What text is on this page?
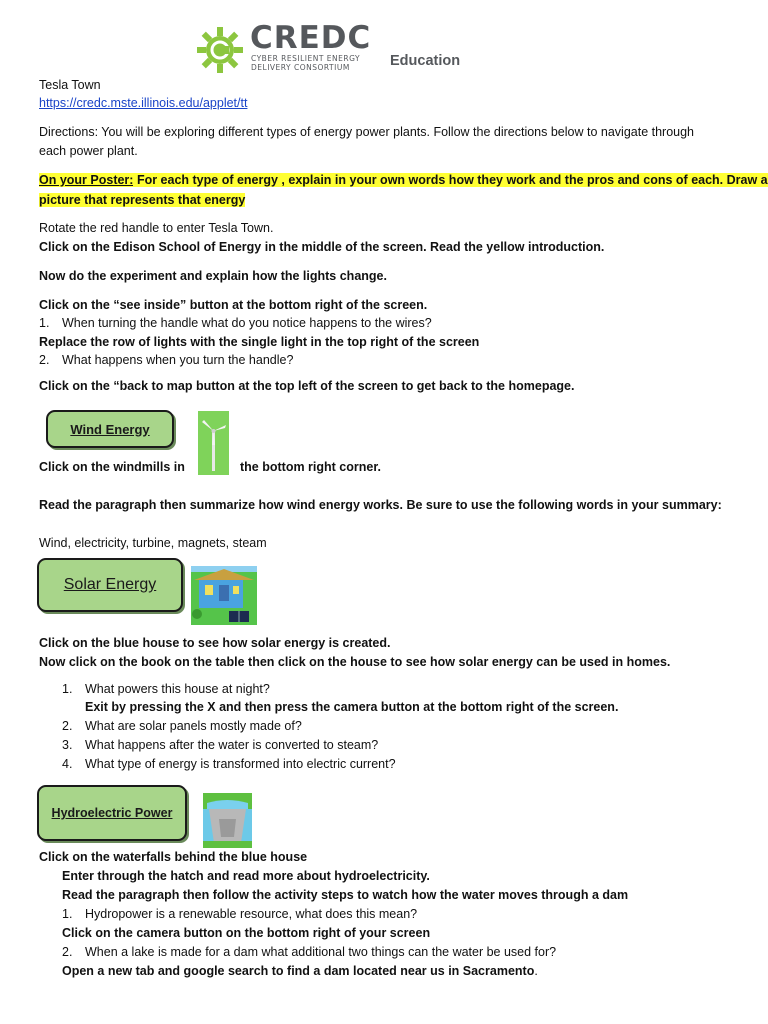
CREDC
CYBER RESILIENT ENERGY
DELIVERY CONSORTIUM	Education
Tesla Town
https://credc.mste.illinois.edu/applet/tt
Directions: You will be exploring different types of energy power plants. Follow the directions below to navigate through
each power plant.
On your Poster: For each type of energy , explain in your own words how they work and the pros and cons of each. Draw a
picture that represents that energy
Rotate the red handle to enter Tesla Town.
Click on the Edison School of Energy in the middle of the screen. Read the yellow introduction.
Now do the experiment and explain how the lights change.
Click on the “see inside” button at the bottom right of the screen.
1. When turning the handle what do you notice happens to the wires?
Replace the row of lights with the single light in the top right of the screen
2. What happens when you turn the handle?
Click on the “back to map button at the top left of the screen to get back to the homepage.
Wind Energy
Click on the windmills in	the bottom right corner.
Read the paragraph then summarize how wind energy works. Be sure to use the following words in your summary:
Wind, electricity, turbine, magnets, steam
Solar Energy
Click on the blue house to see how solar energy is created.
Now click on the book on the table then click on the house to see how solar energy can be used in homes.
1. What powers this house at night?
Exit by pressing the X and then press the camera button at the bottom right of the screen.
2. What are solar panels mostly made of?
3. What happens after the water is converted to steam?
4. What type of energy is transformed into electric current?
Hydroelectric Power
Click on the waterfalls behind the blue house
Enter through the hatch and read more about hydroelectricity.
Read the paragraph then follow the activity steps to watch how the water moves through a dam
1. Hydropower is a renewable resource, what does this mean?
Click on the camera button on the bottom right of your screen
2. When a lake is made for a dam what additional two things can the water be used for?
Open a new tab and google search to find a dam located near us in Sacramento.
